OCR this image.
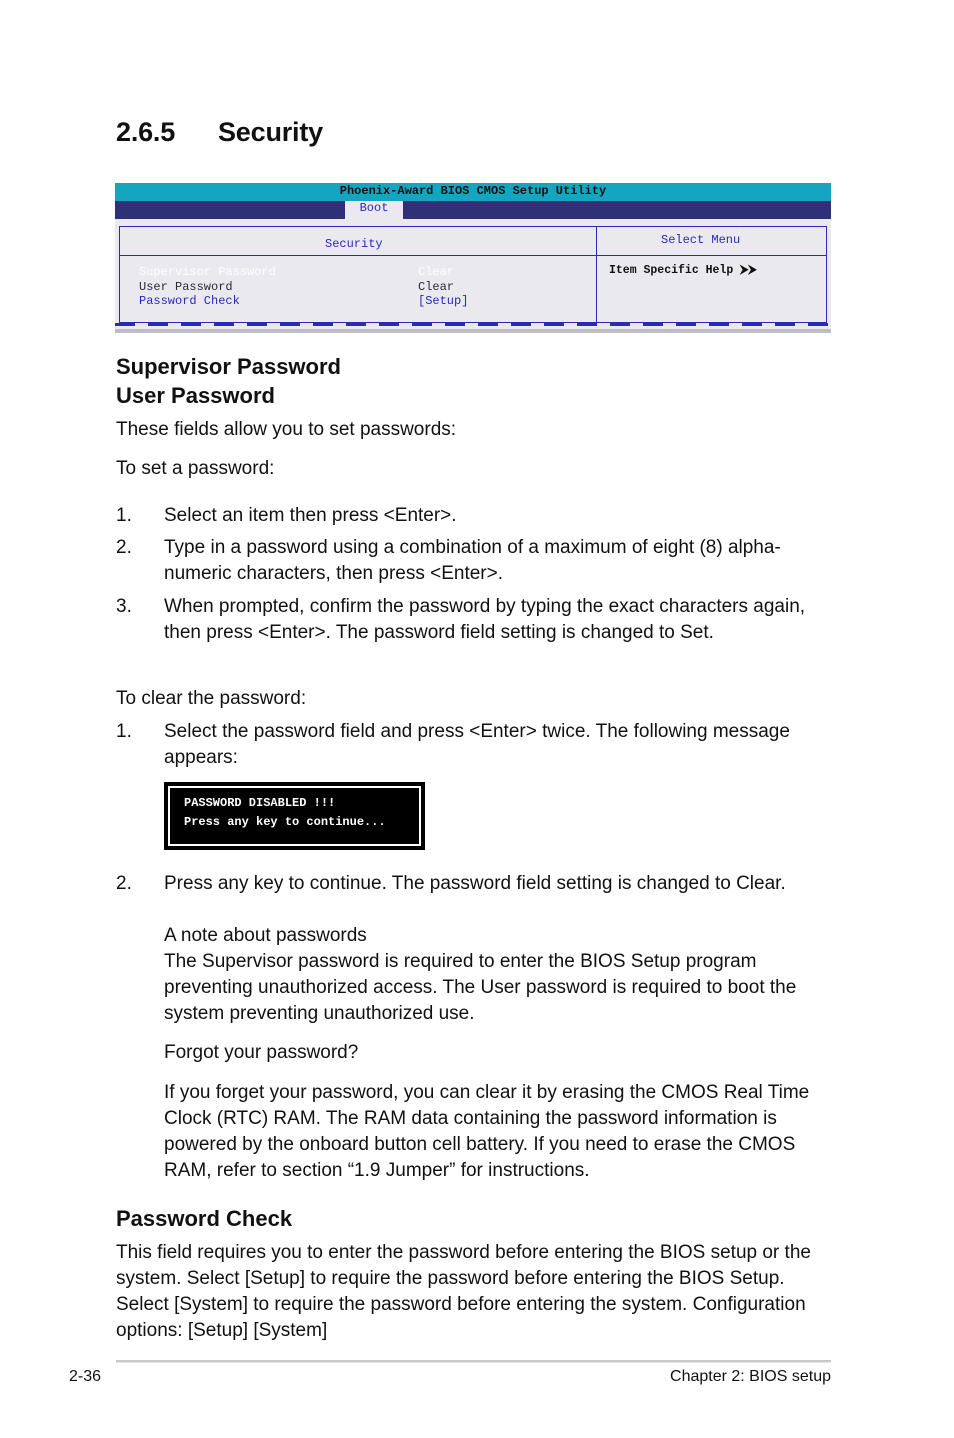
2.6.5 Security
Phoenix-Award BIOS CMOS Setup Utility
Boot
Security	Select Menu
Item Specific Help ⮞⮞
Supervisor Password
User Password
Password Check
Clear
Clear
[Setup]
Supervisor Password
User Password
These fields allow you to set passwords:
To set a password:
1. Select an item then press <Enter>.
2. Type in a password using a combination of a maximum of eight (8) alpha-numeric characters, then press <Enter>.
3. When prompted, confirm the password by typing the exact characters again, then press <Enter>. The password field setting is changed to Set.
To clear the password:
1. Select the password field and press <Enter> twice. The following message appears:
PASSWORD DISABLED !!!
Press any key to continue...
2. Press any key to continue. The password field setting is changed to Clear.
A note about passwords
The Supervisor password is required to enter the BIOS Setup program preventing unauthorized access. The User password is required to boot the system preventing unauthorized use.
Forgot your password?
If you forget your password, you can clear it by erasing the CMOS Real Time Clock (RTC) RAM. The RAM data containing the password information is powered by the onboard button cell battery. If you need to erase the CMOS RAM, refer to section “1.9 Jumper” for instructions.
Password Check
This field requires you to enter the password before entering the BIOS setup or the system. Select [Setup] to require the password before entering the BIOS Setup. Select [System] to require the password before entering the system. Configuration options: [Setup] [System]
2-36	Chapter 2: BIOS setup
